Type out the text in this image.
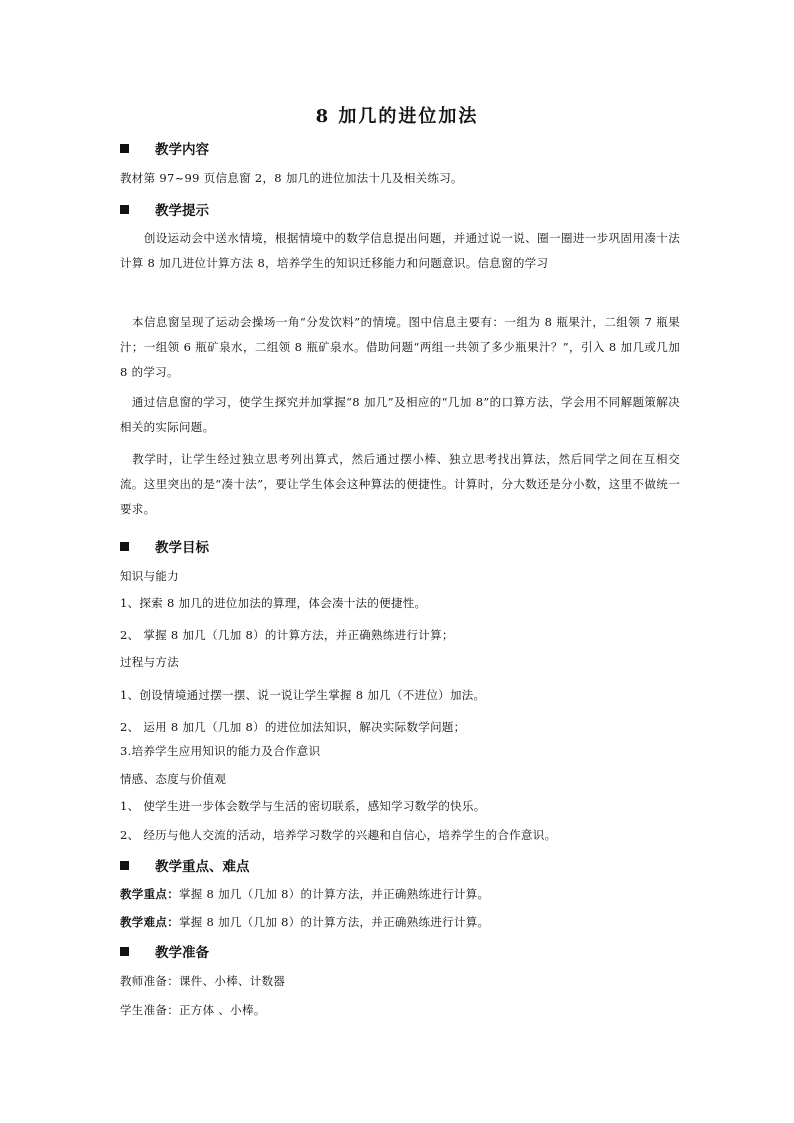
8 加几的进位加法
教学内容
教材第 97~99 页信息窗 2，8 加几的进位加法十几及相关练习。
教学提示

　　创设运动会中送水情境，根据情境中的数学信息提出问题，并通过说一说、圈一圈进一步巩固用凑十法计算 8 加几进位计算方法 8，培养学生的知识迁移能力和问题意识。信息窗的学习

　本信息窗呈现了运动会操场一角“分发饮料”的情境。图中信息主要有：一组为 8 瓶果汁，二组领 7 瓶果汁；一组领 6 瓶矿泉水，二组领 8 瓶矿泉水。借助问题“两组一共领了多少瓶果汁？”，引入 8 加几或几加 8 的学习。

　通过信息窗的学习，使学生探究并加掌握“8 加几”及相应的“几加 8”的口算方法，学会用不同解题策解决相关的实际问题。

　教学时，让学生经过独立思考列出算式，然后通过摆小棒、独立思考找出算法，然后同学之间在互相交流。这里突出的是“凑十法”，要让学生体会这种算法的便捷性。计算时，分大数还是分小数，这里不做统一要求。

教学目标
知识与能力
1、探索 8 加几的进位加法的算理，体会凑十法的便捷性。
2、 掌握 8 加几（几加 8）的计算方法，并正确熟练进行计算；
过程与方法
1、创设情境通过摆一摆、说一说让学生掌握 8 加几（不进位）加法。
2、 运用 8 加几（几加 8）的进位加法知识，解决实际数学问题；
3.培养学生应用知识的能力及合作意识
情感、态度与价值观
1、 使学生进一步体会数学与生活的密切联系，感知学习数学的快乐。
2、 经历与他人交流的活动，培养学习数学的兴趣和自信心，培养学生的合作意识。
教学重点、难点
教学重点：掌握 8 加几（几加 8）的计算方法，并正确熟练进行计算。
教学难点：掌握 8 加几（几加 8）的计算方法，并正确熟练进行计算。
教学准备
教师准备：课件、小棒、计数器
学生准备：正方体 、小棒。
